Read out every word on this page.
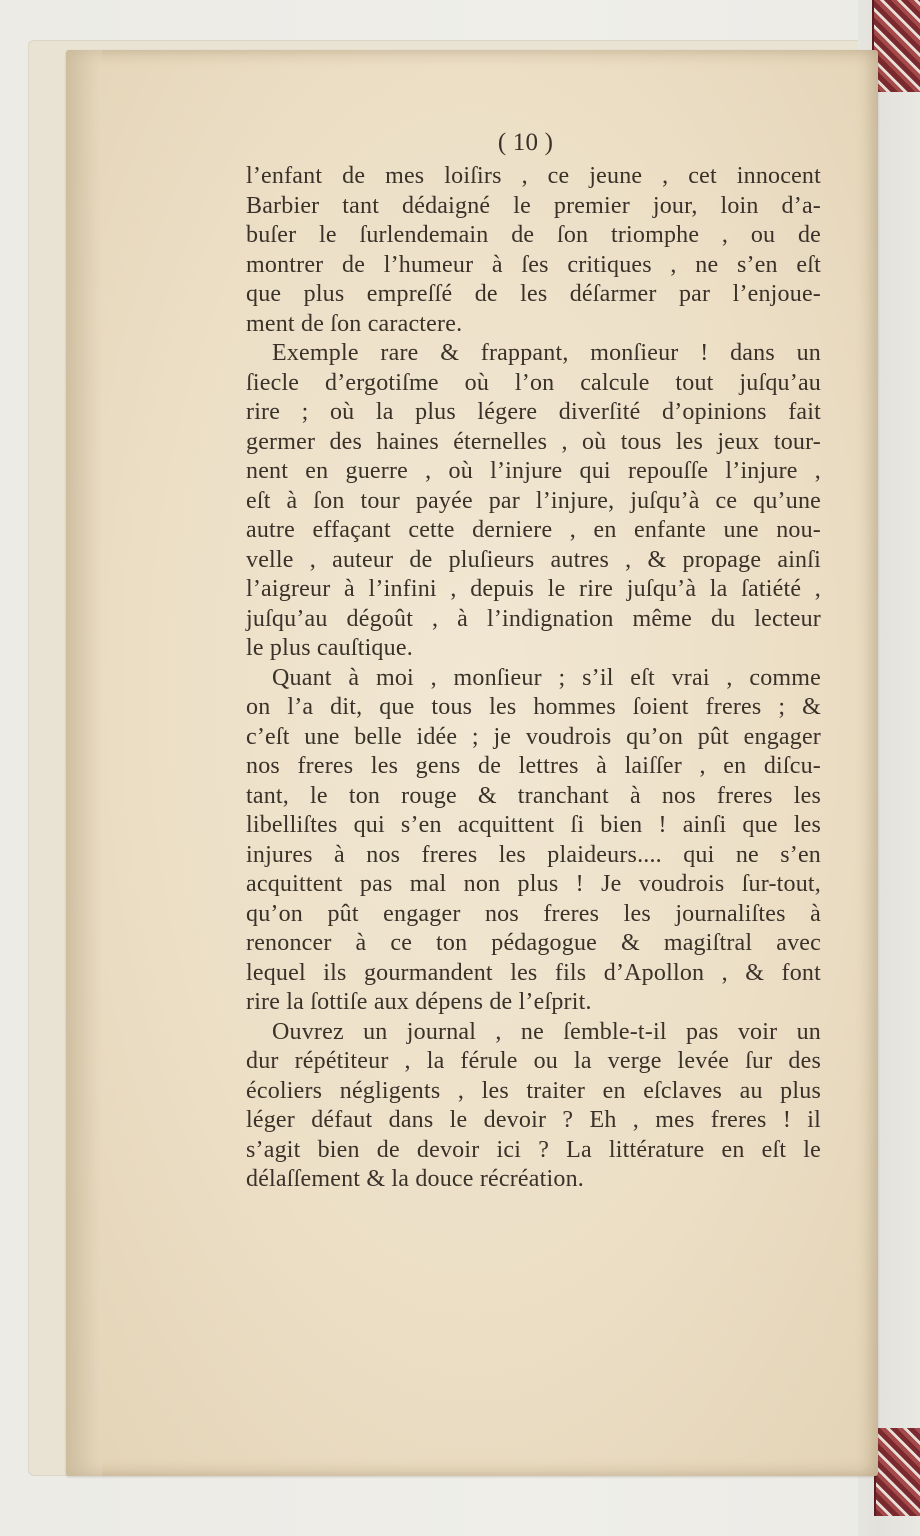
( 10 )
l’enfant de mes loiſirs , ce jeune , cet innocent
Barbier tant dédaigné le premier jour, loin d’a-
buſer le ſurlendemain de ſon triomphe , ou de
montrer de l’humeur à ſes critiques , ne s’en eſt
que plus empreſſé de les déſarmer par l’enjoue-
ment de ſon caractere.
Exemple rare & frappant, monſieur ! dans un
ſiecle d’ergotiſme où l’on calcule tout juſqu’au
rire ; où la plus légere diverſité d’opinions fait
germer des haines éternelles , où tous les jeux tour-
nent en guerre , où l’injure qui repouſſe l’injure ,
eſt à ſon tour payée par l’injure, juſqu’à ce qu’une
autre effaçant cette derniere , en enfante une nou-
velle , auteur de pluſieurs autres , & propage ainſi
l’aigreur à l’infini , depuis le rire juſqu’à la ſatiété ,
juſqu’au dégoût , à l’indignation même du lecteur
le plus cauſtique.
Quant à moi , monſieur ; s’il eſt vrai , comme
on l’a dit, que tous les hommes ſoient freres ; &
c’eſt une belle idée ; je voudrois qu’on pût engager
nos freres les gens de lettres à laiſſer , en diſcu-
tant, le ton rouge & tranchant à nos freres les
libelliſtes qui s’en acquittent ſi bien ! ainſi que les
injures à nos freres les plaideurs.... qui ne s’en
acquittent pas mal non plus ! Je voudrois ſur-tout,
qu’on pût engager nos freres les journaliſtes à
renoncer à ce ton pédagogue & magiſtral avec
lequel ils gourmandent les fils d’Apollon , & font
rire la ſottiſe aux dépens de l’eſprit.
Ouvrez un journal , ne ſemble-t-il pas voir un
dur répétiteur , la férule ou la verge levée ſur des
écoliers négligents , les traiter en eſclaves au plus
léger défaut dans le devoir ? Eh , mes freres ! il
s’agit bien de devoir ici ? La littérature en eſt le
délaſſement & la douce récréation.
